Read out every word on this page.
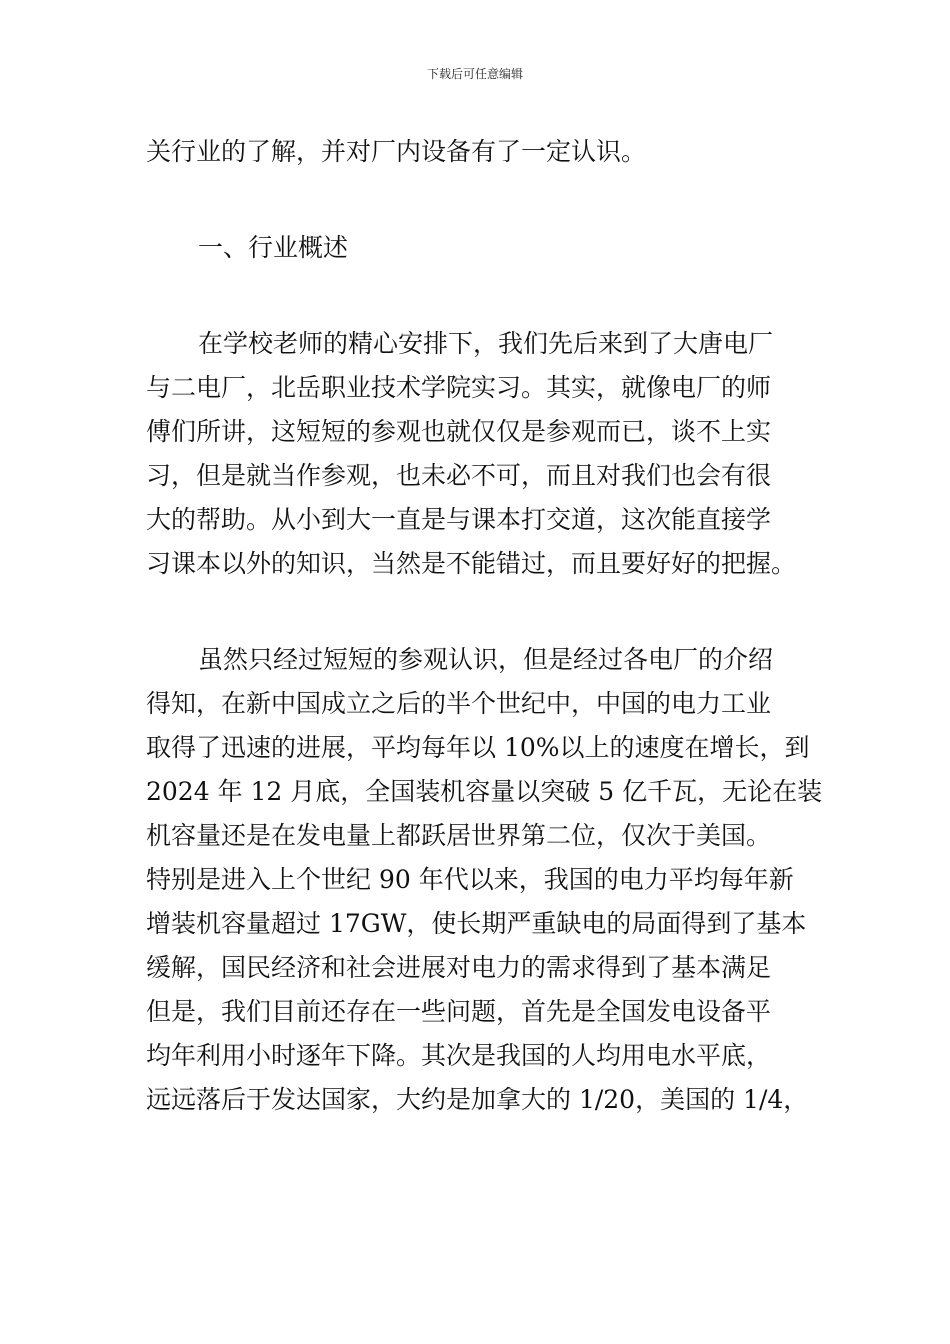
下载后可任意编辑
关行业的了解，并对厂内设备有了一定认识。
一、行业概述
在学校老师的精心安排下，我们先后来到了大唐电厂
与二电厂，北岳职业技术学院实习。其实，就像电厂的师
傅们所讲，这短短的参观也就仅仅是参观而已，谈不上实
习，但是就当作参观，也未必不可，而且对我们也会有很
大的帮助。从小到大一直是与课本打交道，这次能直接学
习课本以外的知识，当然是不能错过，而且要好好的把握。
虽然只经过短短的参观认识，但是经过各电厂的介绍
得知，在新中国成立之后的半个世纪中，中国的电力工业
取得了迅速的进展，平均每年以 10%以上的速度在增长，到
2024 年 12 月底，全国装机容量以突破 5 亿千瓦，无论在装
机容量还是在发电量上都跃居世界第二位，仅次于美国。
特别是进入上个世纪 90 年代以来，我国的电力平均每年新
增装机容量超过 17GW，使长期严重缺电的局面得到了基本
缓解，国民经济和社会进展对电力的需求得到了基本满足
但是，我们目前还存在一些问题，首先是全国发电设备平
均年利用小时逐年下降。其次是我国的人均用电水平底，
远远落后于发达国家，大约是加拿大的 1/20，美国的 1/4，
